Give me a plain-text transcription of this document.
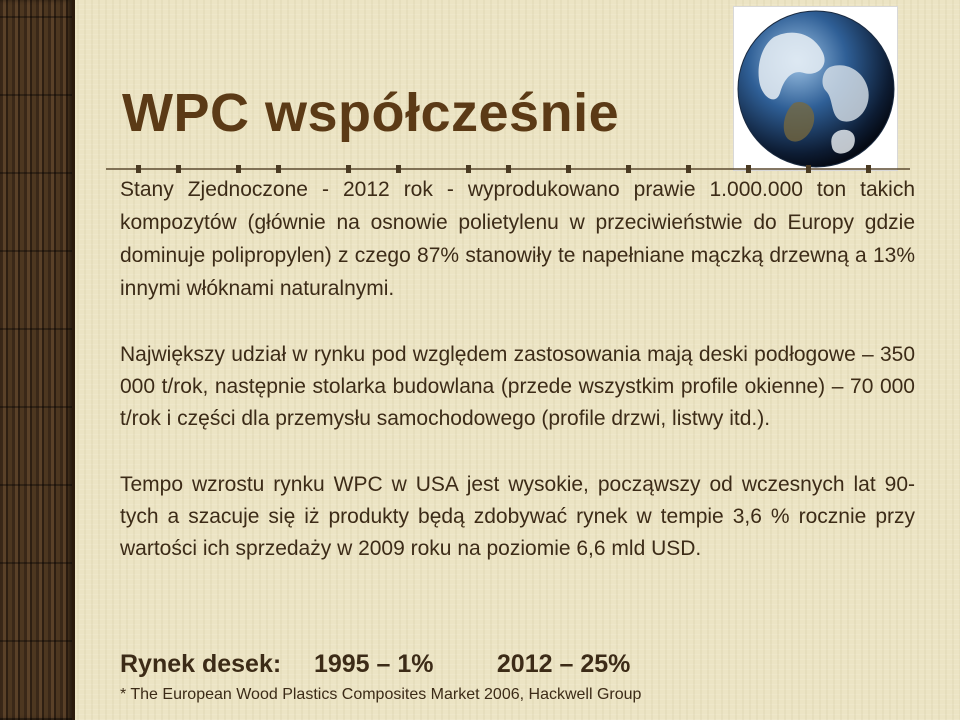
WPC współcześnie

Stany Zjednoczone - 2012 rok - wyprodukowano prawie 1.000.000 ton takich kompozytów (głównie na osnowie polietylenu w przeciwieństwie do Europy gdzie dominuje polipropylen) z czego 87% stanowiły te napełniane mączką drzewną a 13% innymi włóknami naturalnymi.

Największy udział w rynku pod względem zastosowania mają deski podłogowe – 350 000 t/rok, następnie stolarka budowlana (przede wszystkim profile okienne) – 70 000 t/rok i części dla przemysłu samochodowego (profile drzwi, listwy itd.).

Tempo wzrostu rynku WPC w USA jest wysokie, począwszy od wczesnych lat 90-tych a szacuje się iż produkty będą zdobywać rynek w tempie 3,6 % rocznie przy wartości ich sprzedaży w 2009 roku na poziomie 6,6 mld USD.

Rynek desek: 1995 – 1%	2012 – 25%
* The European Wood Plastics Composites Market 2006, Hackwell Group
